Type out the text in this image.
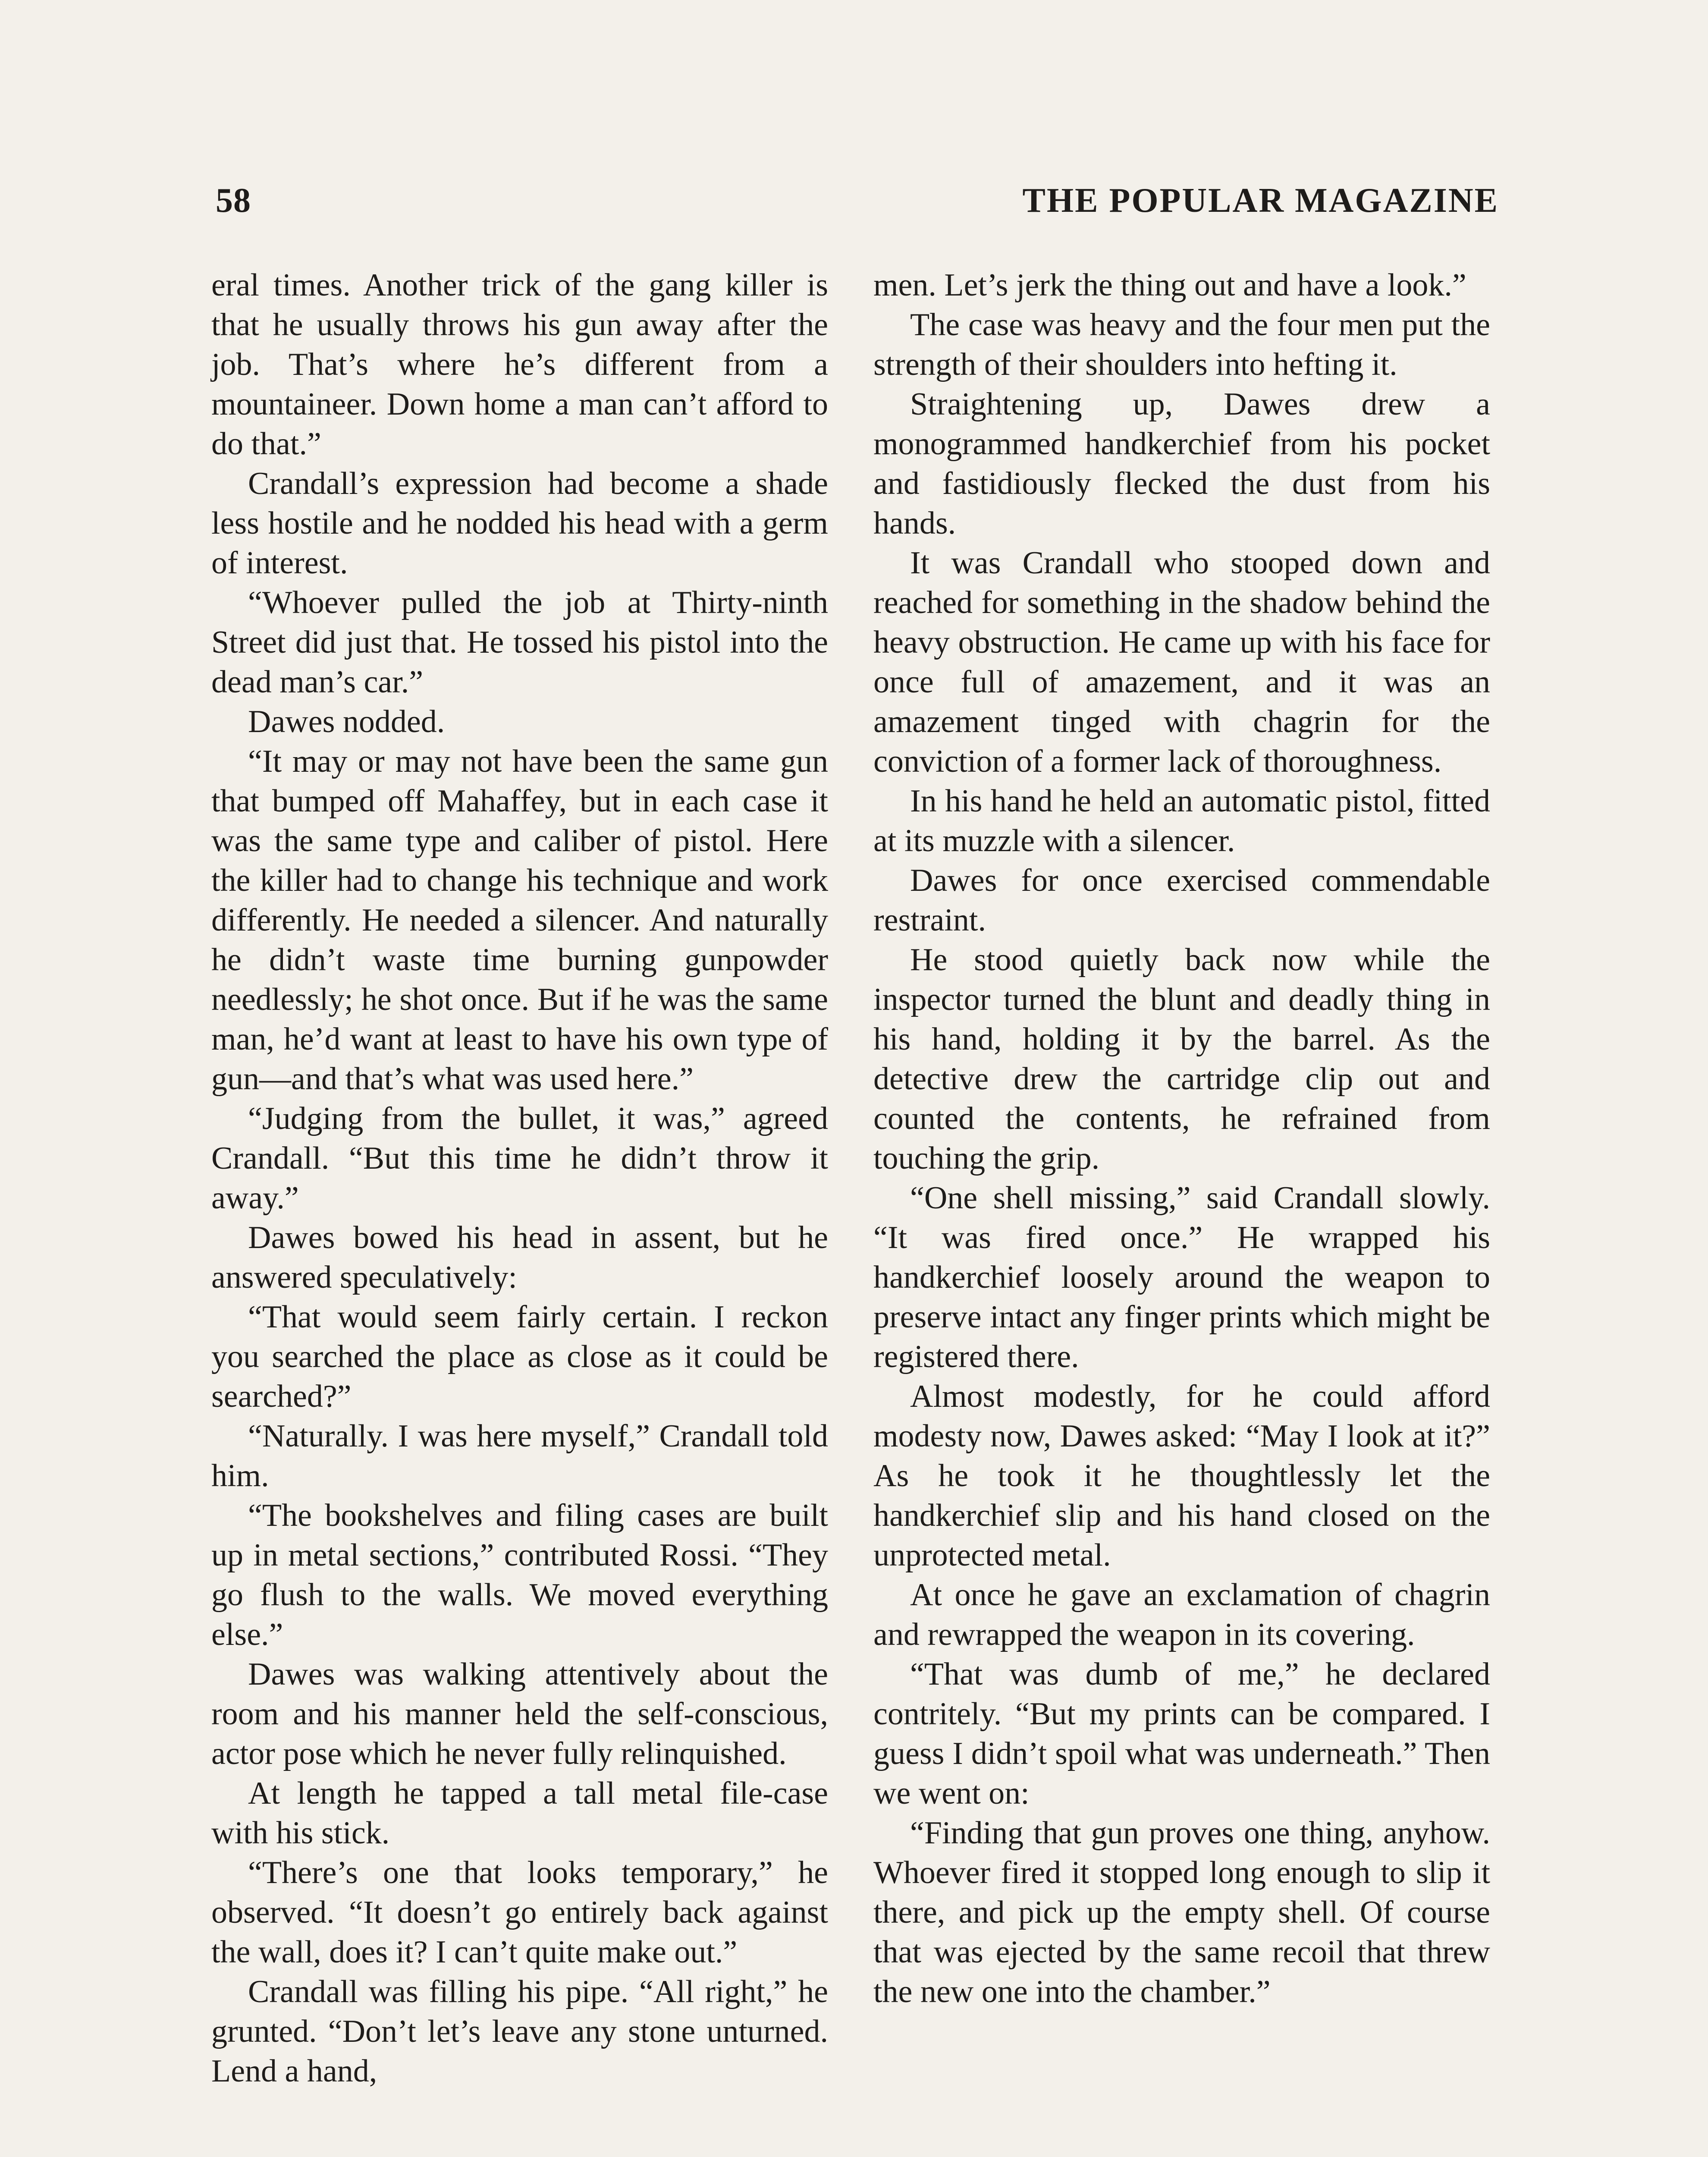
58	THE POPULAR MAGAZINE

eral times. Another trick of the gang killer is that he usually throws his gun away after the job. That’s where he’s different from a mountaineer. Down home a man can’t afford to do that.”

Crandall’s expression had become a shade less hostile and he nodded his head with a germ of interest.

“Whoever pulled the job at Thirty-ninth Street did just that. He tossed his pistol into the dead man’s car.”

Dawes nodded.

“It may or may not have been the same gun that bumped off Mahaffey, but in each case it was the same type and caliber of pistol. Here the killer had to change his technique and work differently. He needed a silencer. And naturally he didn’t waste time burning gunpowder needlessly; he shot once. But if he was the same man, he’d want at least to have his own type of gun—and that’s what was used here.”

“Judging from the bullet, it was,” agreed Crandall. “But this time he didn’t throw it away.”

Dawes bowed his head in assent, but he answered speculatively:

“That would seem fairly certain. I reckon you searched the place as close as it could be searched?”

“Naturally. I was here myself,” Crandall told him.

“The bookshelves and filing cases are built up in metal sections,” contributed Rossi. “They go flush to the walls. We moved everything else.”

Dawes was walking attentively about the room and his manner held the self-conscious, actor pose which he never fully relinquished.

At length he tapped a tall metal file-case with his stick.

“There’s one that looks temporary,” he observed. “It doesn’t go entirely back against the wall, does it? I can’t quite make out.”

Crandall was filling his pipe. “All right,” he grunted. “Don’t let’s leave any stone unturned. Lend a hand,

men. Let’s jerk the thing out and have a look.”

The case was heavy and the four men put the strength of their shoulders into hefting it.

Straightening up, Dawes drew a monogrammed handkerchief from his pocket and fastidiously flecked the dust from his hands.

It was Crandall who stooped down and reached for something in the shadow behind the heavy obstruction. He came up with his face for once full of amazement, and it was an amazement tinged with chagrin for the conviction of a former lack of thoroughness.

In his hand he held an automatic pistol, fitted at its muzzle with a silencer.

Dawes for once exercised commendable restraint.

He stood quietly back now while the inspector turned the blunt and deadly thing in his hand, holding it by the barrel. As the detective drew the cartridge clip out and counted the contents, he refrained from touching the grip.

“One shell missing,” said Crandall slowly. “It was fired once.” He wrapped his handkerchief loosely around the weapon to preserve intact any finger prints which might be registered there.

Almost modestly, for he could afford modesty now, Dawes asked: “May I look at it?” As he took it he thoughtlessly let the handkerchief slip and his hand closed on the unprotected metal.

At once he gave an exclamation of chagrin and rewrapped the weapon in its covering.

“That was dumb of me,” he declared contritely. “But my prints can be compared. I guess I didn’t spoil what was underneath.” Then we went on:

“Finding that gun proves one thing, anyhow. Whoever fired it stopped long enough to slip it there, and pick up the empty shell. Of course that was ejected by the same recoil that threw the new one into the chamber.”
